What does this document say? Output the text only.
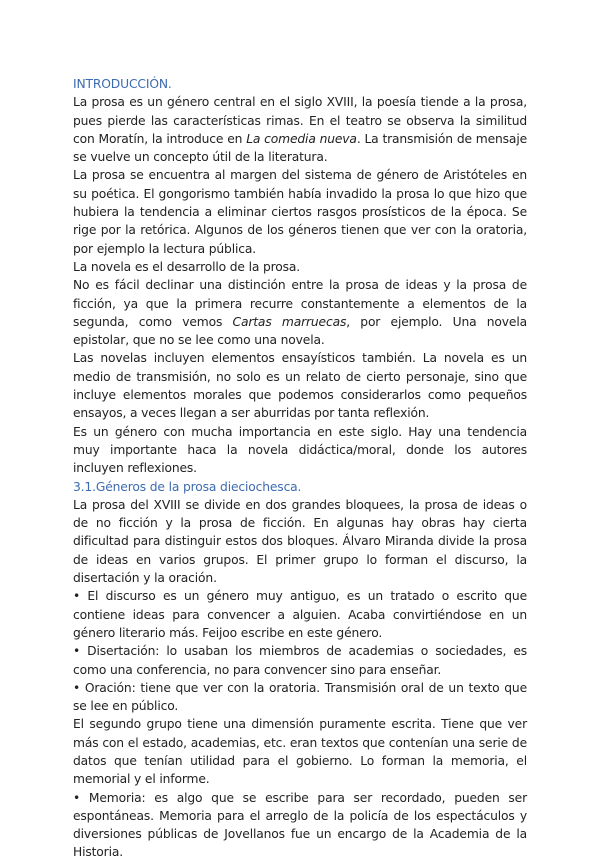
INTRODUCCIÓN.

La prosa es un género central en el siglo XVIII, la poesía tiende a la prosa, pues pierde las características rimas. En el teatro se observa la similitud con Moratín, la introduce en La comedia nueva. La transmisión de mensaje se vuelve un concepto útil de la literatura.

La prosa se encuentra al margen del sistema de género de Aristóteles en su poética. El gongorismo también había invadido la prosa lo que hizo que hubiera la tendencia a eliminar ciertos rasgos prosísticos de la época. Se rige por la retórica. Algunos de los géneros tienen que ver con la oratoria, por ejemplo la lectura pública.

La novela es el desarrollo de la prosa.

No es fácil declinar una distinción entre la prosa de ideas y la prosa de ficción, ya que la primera recurre constantemente a elementos de la segunda, como vemos Cartas marruecas, por ejemplo. Una novela epistolar, que no se lee como una novela.

Las novelas incluyen elementos ensayísticos también. La novela es un medio de transmisión, no solo es un relato de cierto personaje, sino que incluye elementos morales que podemos considerarlos como pequeños ensayos, a veces llegan a ser aburridas por tanta reflexión.

Es un género con mucha importancia en este siglo. Hay una tendencia muy importante haca la novela didáctica/moral, donde los autores incluyen reflexiones.

3.1.Géneros de la prosa dieciochesca.

La prosa del XVIII se divide en dos grandes bloquees, la prosa de ideas o de no ficción y la prosa de ficción. En algunas hay obras hay cierta dificultad para distinguir estos dos bloques. Álvaro Miranda divide la prosa de ideas en varios grupos. El primer grupo lo forman el discurso, la disertación y la oración.

• El discurso es un género muy antiguo, es un tratado o escrito que contiene ideas para convencer a alguien. Acaba convirtiéndose en un género literario más. Feijoo escribe en este género.

• Disertación: lo usaban los miembros de academias o sociedades, es como una conferencia, no para convencer sino para enseñar.

• Oración: tiene que ver con la oratoria. Transmisión oral de un texto que se lee en público.

El segundo grupo tiene una dimensión puramente escrita. Tiene que ver más con el estado, academias, etc. eran textos que contenían una serie de datos que tenían utilidad para el gobierno. Lo forman la memoria, el memorial y el informe.

• Memoria: es algo que se escribe para ser recordado, pueden ser espontáneas. Memoria para el arreglo de la policía de los espectáculos y diversiones públicas de Jovellanos fue un encargo de la Academia de la Historia.
